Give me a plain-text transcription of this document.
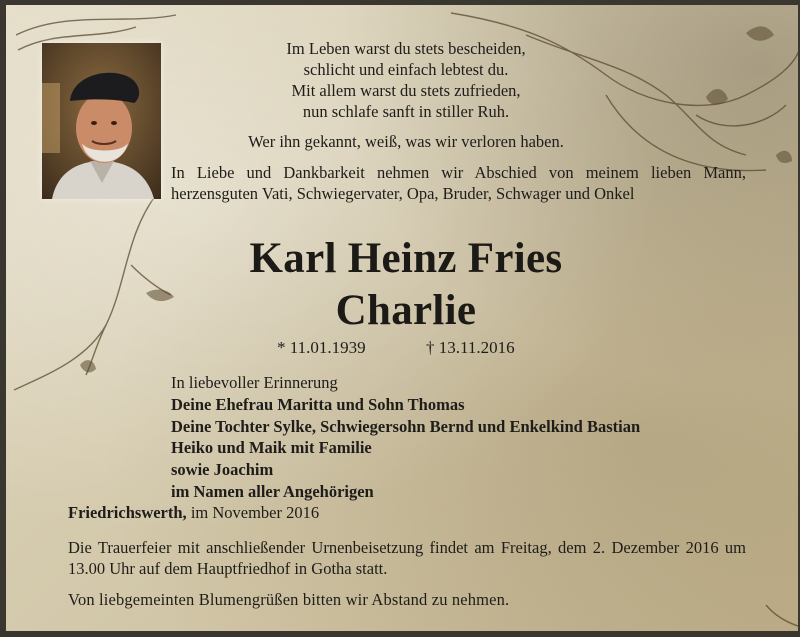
Im Leben warst du stets bescheiden,
schlicht und einfach lebtest du.
Mit allem warst du stets zufrieden,
nun schlafe sanft in stiller Ruh.
Wer ihn gekannt, weiß, was wir verloren haben.
In Liebe und Dankbarkeit nehmen wir Abschied von meinem lieben Mann, herzensguten Vati, Schwiegervater, Opa, Bruder, Schwager und Onkel
Karl Heinz Fries
Charlie
* 11.01.1939	† 13.11.2016
In liebevoller Erinnerung
Deine Ehefrau Maritta und Sohn Thomas
Deine Tochter Sylke, Schwiegersohn Bernd und Enkelkind Bastian
Heiko und Maik mit Familie
sowie Joachim
im Namen aller Angehörigen
Friedrichswerth, im November 2016
Die Trauerfeier mit anschließender Urnenbeisetzung findet am Freitag, dem 2. Dezember 2016 um 13.00 Uhr auf dem Hauptfriedhof in Gotha statt.
Von liebgemeinten Blumengrüßen bitten wir Abstand zu nehmen.
